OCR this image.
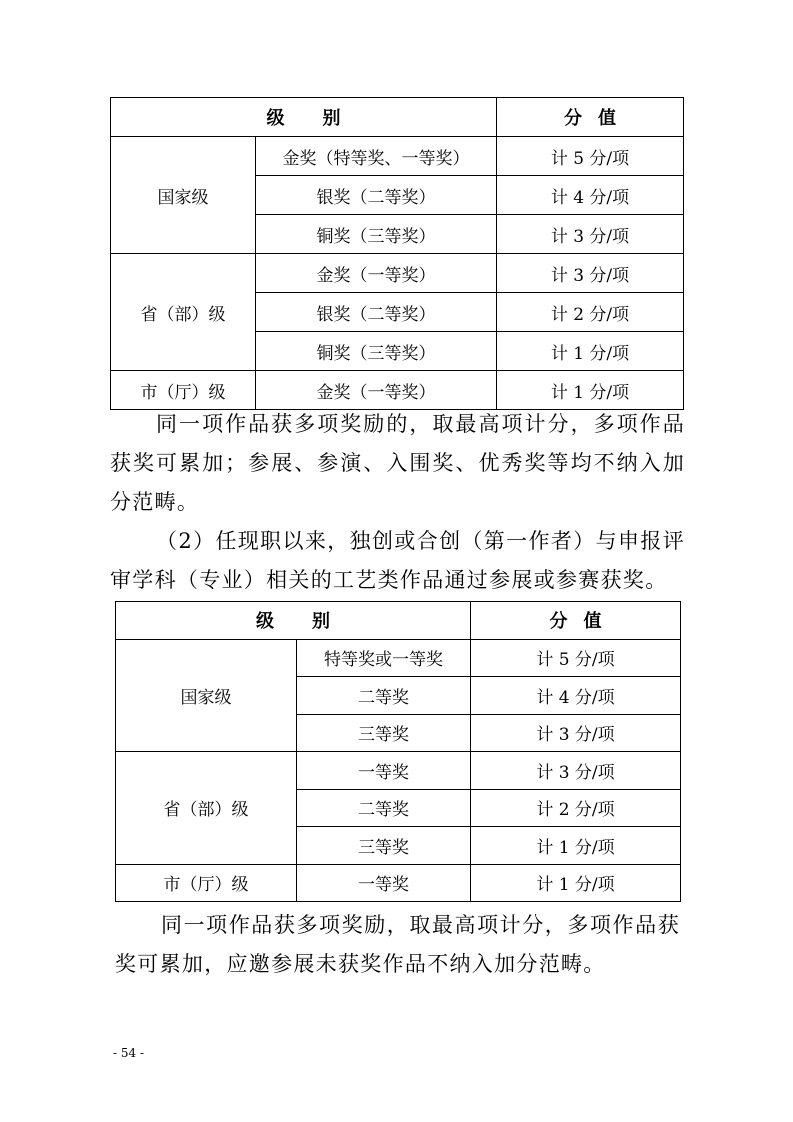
级 别		分 值
国家级	金奖（特等奖、一等奖）	计 5 分/项
	银奖（二等奖）	计 4 分/项
	铜奖（三等奖）	计 3 分/项
省（部）级	金奖（一等奖）	计 3 分/项
	银奖（二等奖）	计 2 分/项
	铜奖（三等奖）	计 1 分/项
市（厅）级	金奖（一等奖）	计 1 分/项

同一项作品获多项奖励的，取最高项计分，多项作品获奖可累加；参展、参演、入围奖、优秀奖等均不纳入加分范畴。

（2）任现职以来，独创或合创（第一作者）与申报评审学科（专业）相关的工艺类作品通过参展或参赛获奖。

级 别		分 值
国家级	特等奖或一等奖	计 5 分/项
	二等奖	计 4 分/项
	三等奖	计 3 分/项
省（部）级	一等奖	计 3 分/项
	二等奖	计 2 分/项
	三等奖	计 1 分/项
市（厅）级	一等奖	计 1 分/项

同一项作品获多项奖励，取最高项计分，多项作品获奖可累加，应邀参展未获奖作品不纳入加分范畴。

- 54 -
